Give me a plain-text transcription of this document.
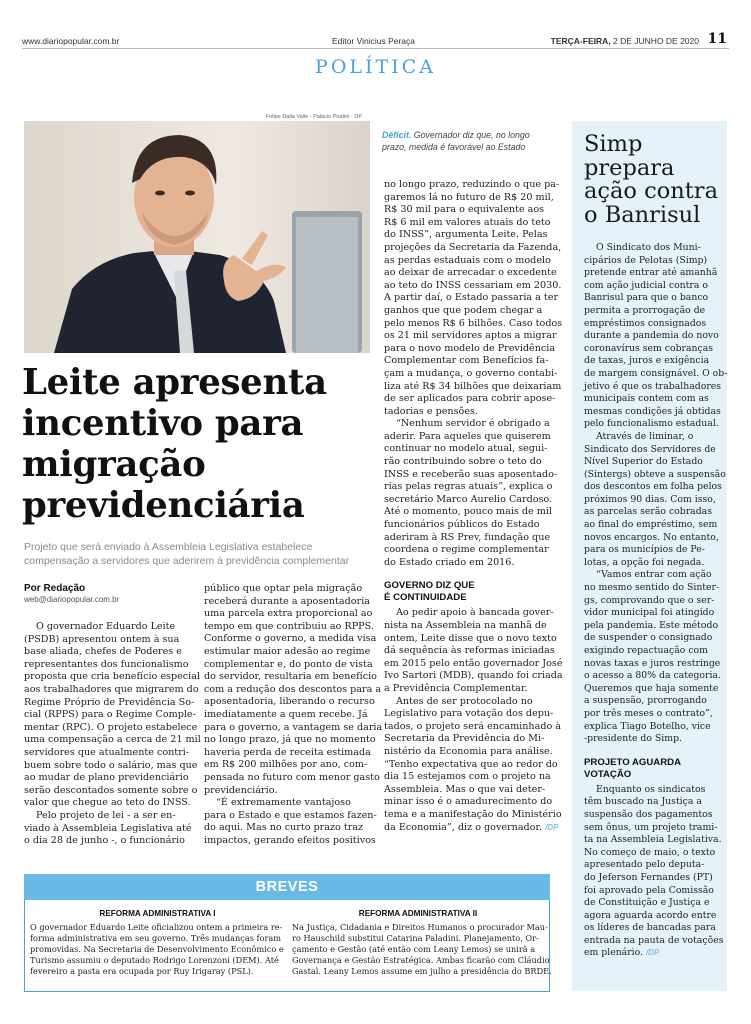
www.diariopopular.com.br	Editor Vinicius Peraça	TERÇA-FEIRA, 2 DE JUNHO DE 2020 11
POLÍTICA
Felipe Dalla Valle - Palácio Piratini - DP
Déficit. Governador diz que, no longo
prazo, medida é favorável ao Estado
Leite apresenta
incentivo para
migração
previdenciária
Projeto que será enviado à Assembleia Legislativa estabelece compensação a servidores que aderirem à previdência complementar
Por Redação
web@diariopopular.com.br
O governador Eduardo Leite
(PSDB) apresentou ontem à sua
base aliada, chefes de Poderes e
representantes dos funcionalismo
proposta que cria benefício especial
aos trabalhadores que migrarem do
Regime Próprio de Previdência So-
cial (RPPS) para o Regime Comple-
mentar (RPC). O projeto estabelece
uma compensação a cerca de 21 mil
servidores que atualmente contri-
buem sobre todo o salário, mas que
ao mudar de plano previdenciário
serão descontados somente sobre o
valor que chegue ao teto do INSS.
Pelo projeto de lei - a ser en-
viado à Assembleia Legislativa até
o dia 28 de junho -, o funcionário
público que optar pela migração
receberá durante a aposentadoria
uma parcela extra proporcional ao
tempo em que contribuiu ao RPPS.
Conforme o governo, a medida visa
estimular maior adesão ao regime
complementar e, do ponto de vista
do servidor, resultaria em benefício
com a redução dos descontos para a
aposentadoria, liberando o recurso
imediatamente a quem recebe. Já
para o governo, a vantagem se daria
no longo prazo, já que no momento
haveria perda de receita estimada
em R$ 200 milhões por ano, com-
pensada no futuro com menor gasto
previdenciário.
“É extremamente vantajoso
para o Estado e que estamos fazen-
do aqui. Mas no curto prazo traz
impactos, gerando efeitos positivos
no longo prazo, reduzindo o que pa-
garemos lá no futuro de R$ 20 mil,
R$ 30 mil para o equivalente aos
R$ 6 mil em valores atuais do teto
do INSS”, argumenta Leite. Pelas
projeções da Secretaria da Fazenda,
as perdas estaduais com o modelo
ao deixar de arrecadar o excedente
ao teto do INSS cessariam em 2030.
A partir daí, o Estado passaria a ter
ganhos que que podem chegar a
pelo menos R$ 6 bilhões. Caso todos
os 21 mil servidores aptos a migrar
para o novo modelo de Previdência
Complementar com Benefícios fa-
çam a mudança, o governo contabi-
liza até R$ 34 bilhões que deixariam
de ser aplicados para cobrir apose-
tadorias e pensões.
“Nenhum servidor é obrigado a
aderir. Para aqueles que quiserem
continuar no modelo atual, segui-
rão contribuindo sobre o teto do
INSS e receberão suas aposentado-
rias pelas regras atuais”, explica o
secretário Marco Aurelio Cardoso.
Até o momento, pouco mais de mil
funcionários públicos do Estado
aderiram à RS Prev, fundação que
coordena o regime complementar
do Estado criado em 2016.
GOVERNO DIZ QUE
É CONTINUIDADE
Ao pedir apoio à bancada gover-
nista na Assembleia na manhã de
ontem, Leite disse que o novo texto
dá sequência às reformas iniciadas
em 2015 pelo então governador José
Ivo Sartori (MDB), quando foi criada
a Previdência Complementar.
Antes de ser protocolado no
Legislativo para votação dos depu-
tados, o projeto será encaminhado à
Secretaria da Previdência do Mi-
nistério da Economia para análise.
“Tenho expectativa que ao redor do
dia 15 estejamos com o projeto na
Assembleia. Mas o que vai deter-
minar isso é o amadurecimento do
tema e a manifestação do Ministério
da Economia”, diz o governador. /DP
Simp
prepara
ação contra
o Banrisul
O Sindicato dos Muni-
cipários de Pelotas (Simp)
pretende entrar até amanhã
com ação judicial contra o
Banrisul para que o banco
permita a prorrogação de
empréstimos consignados
durante a pandemia do novo
coronavírus sem cobranças
de taxas, juros e exigência
de margem consignável. O ob-
jetivo é que os trabalhadores
municipais contem com as
mesmas condições já obtidas
pelo funcionalismo estadual.
Através de liminar, o
Sindicato dos Servidores de
Nível Superior do Estado
(Sintergs) obteve a suspensão
dos descontos em folha pelos
próximos 90 dias. Com isso,
as parcelas serão cobradas
ao final do empréstimo, sem
novos encargos. No entanto,
para os municípios de Pe-
lotas, a opção foi negada.
“Vamos entrar com ação
no mesmo sentido do Sinter-
gs, comprovando que o ser-
vidor municipal foi atingido
pela pandemia. Este método
de suspender o consignado
exigindo repactuação com
novas taxas e juros restringe
o acesso a 80% da categoria.
Queremos que haja somente
a suspensão, prorrogando
por três meses o contrato”,
explica Tiago Botelho, vice
-presidente do Simp.
PROJETO AGUARDA
VOTAÇÃO
Enquanto os sindicatos
têm buscado na Justiça a
suspensão dos pagamentos
sem ônus, um projeto trami-
ta na Assembleia Legislativa.
No começo de maio, o texto
apresentado pelo deputa-
do Jeferson Fernandes (PT)
foi aprovado pela Comissão
de Constituição e Justiça e
agora aguarda acordo entre
os líderes de bancadas para
entrada na pauta de votações
em plenário. /DP
BREVES
REFORMA ADMINISTRATIVA I	REFORMA ADMINISTRATIVA II
O governador Eduardo Leite oficializou ontem a primeira re-
forma administrativa em seu governo. Três mudanças foram
promovidas. Na Secretaria de Desenvolvimento Econômico e
Turismo assumiu o deputado Rodrigo Lorenzoni (DEM). Até
fevereiro a pasta era ocupada por Ruy Irigaray (PSL).
Na Justiça, Cidadania e Direitos Humanos o procurador Mau-
ro Hauschild substitui Catarina Paladini. Planejamento, Or-
çamento e Gestão (até então com Leany Lemos) se uniră a
Governança e Gestão Estratégica. Ambas ficarão com Cláudio
Gastal. Leany Lemos assume em julho a presidência do BRDE.
